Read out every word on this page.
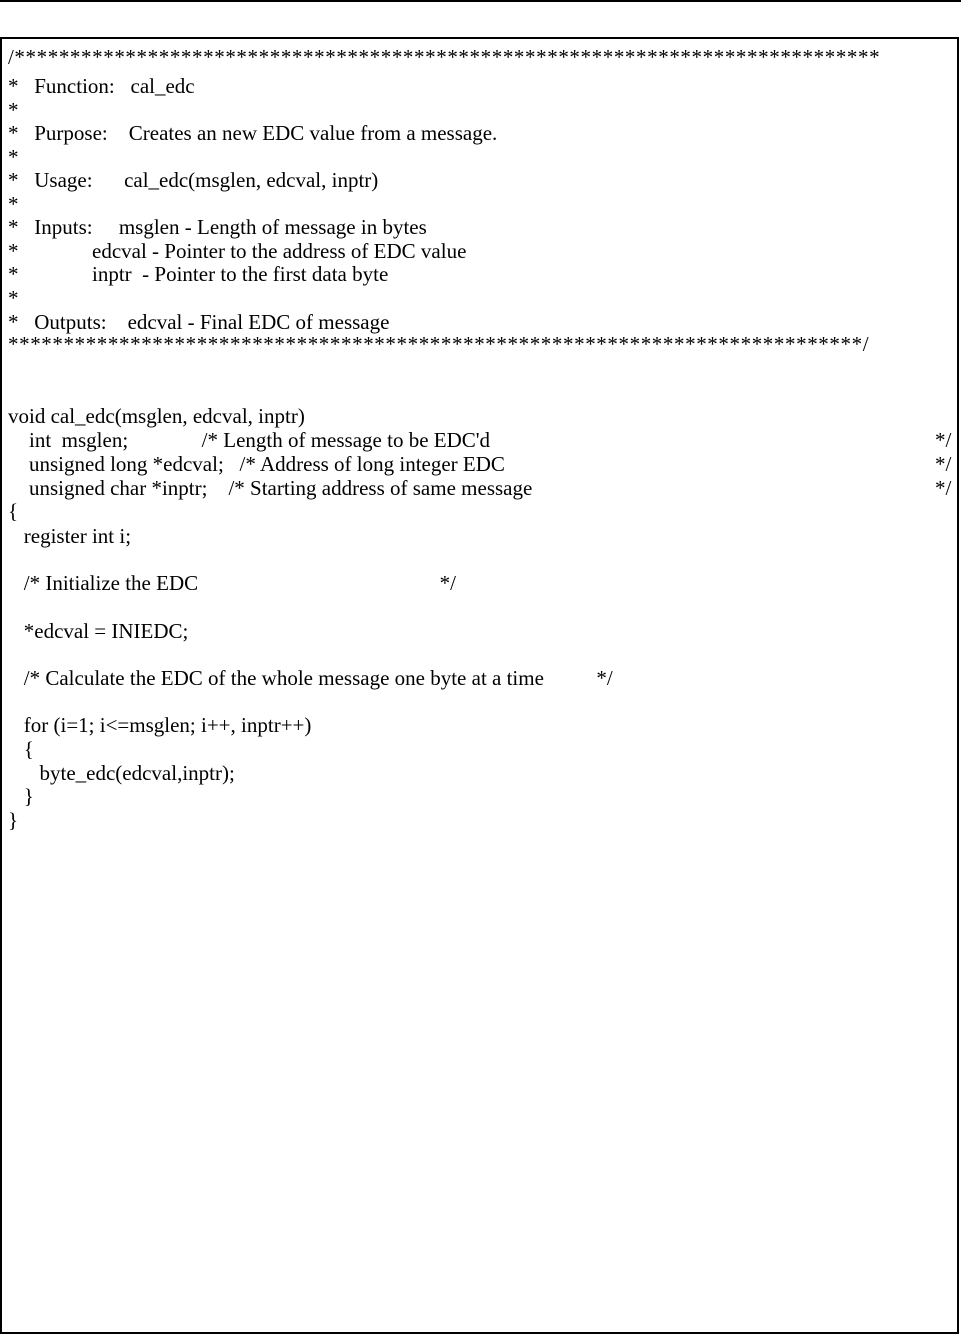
/******************************************************************************
*   Function:   cal_edc
*
*   Purpose:    Creates an new EDC value from a message.
*
*   Usage:      cal_edc(msglen, edcval, inptr)
*
*   Inputs:     msglen - Length of message in bytes
*              edcval - Pointer to the address of EDC value
*              inptr  - Pointer to the first data byte
*
*   Outputs:    edcval - Final EDC of message
*****************************************************************************/
void cal_edc(msglen, edcval, inptr)
int  msglen;              /* Length of message to be EDC'd	*/
unsigned long *edcval;   /* Address of long integer EDC	*/
unsigned char *inptr;    /* Starting address of same message	*/
{
register int i;
/* Initialize the EDC                                              */
*edcval = INIEDC;
/* Calculate the EDC of the whole message one byte at a time          */
for (i=1; i<=msglen; i++, inptr++)
{
byte_edc(edcval,inptr);
}
}
